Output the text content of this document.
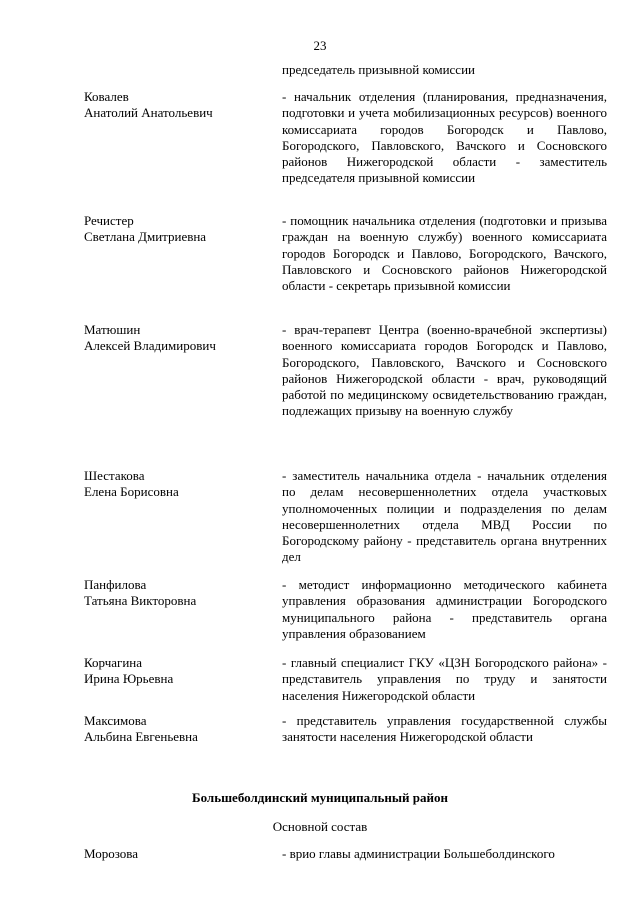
23
председатель призывной комиссии
Ковалев
Анатолий Анатольевич
- начальник отделения (планирования, предназначения, подготовки и учета мобилизационных ресурсов) военного комиссариата городов Богородск и Павлово, Богородского, Павловского, Вачского и Сосновского районов Нижегородской области - заместитель председателя призывной комиссии
Речистер
Светлана Дмитриевна
- помощник начальника отделения (подготовки и призыва граждан на военную службу) военного комиссариата городов Богородск и Павлово, Богородского, Вачского, Павловского и Сосновского районов Нижегородской области - секретарь призывной комиссии
Матюшин
Алексей Владимирович
- врач-терапевт Центра (военно-врачебной экспертизы) военного комиссариата городов Богородск и Павлово, Богородского, Павловского, Вачского и Сосновского районов Нижегородской области - врач, руководящий работой по медицинскому освидетельствованию граждан, подлежащих призыву на военную службу
Шестакова
Елена Борисовна
- заместитель начальника отдела - начальник отделения по делам несовершеннолетних отдела участковых уполномоченных полиции и подразделения по делам несовершеннолетних отдела МВД России по Богородскому району - представитель органа внутренних дел
Панфилова
Татьяна Викторовна
- методист информационно методического кабинета управления образования администрации Богородского муниципального района - представитель органа управления образованием
Корчагина
Ирина Юрьевна
- главный специалист ГКУ «ЦЗН Богородского района» - представитель управления по труду и занятости населения Нижегородской области
Максимова
Альбина Евгеньевна
- представитель управления государственной службы занятости населения Нижегородской области
Большеболдинский муниципальный район
Основной состав
Морозова	- врио главы администрации Большеболдинского
